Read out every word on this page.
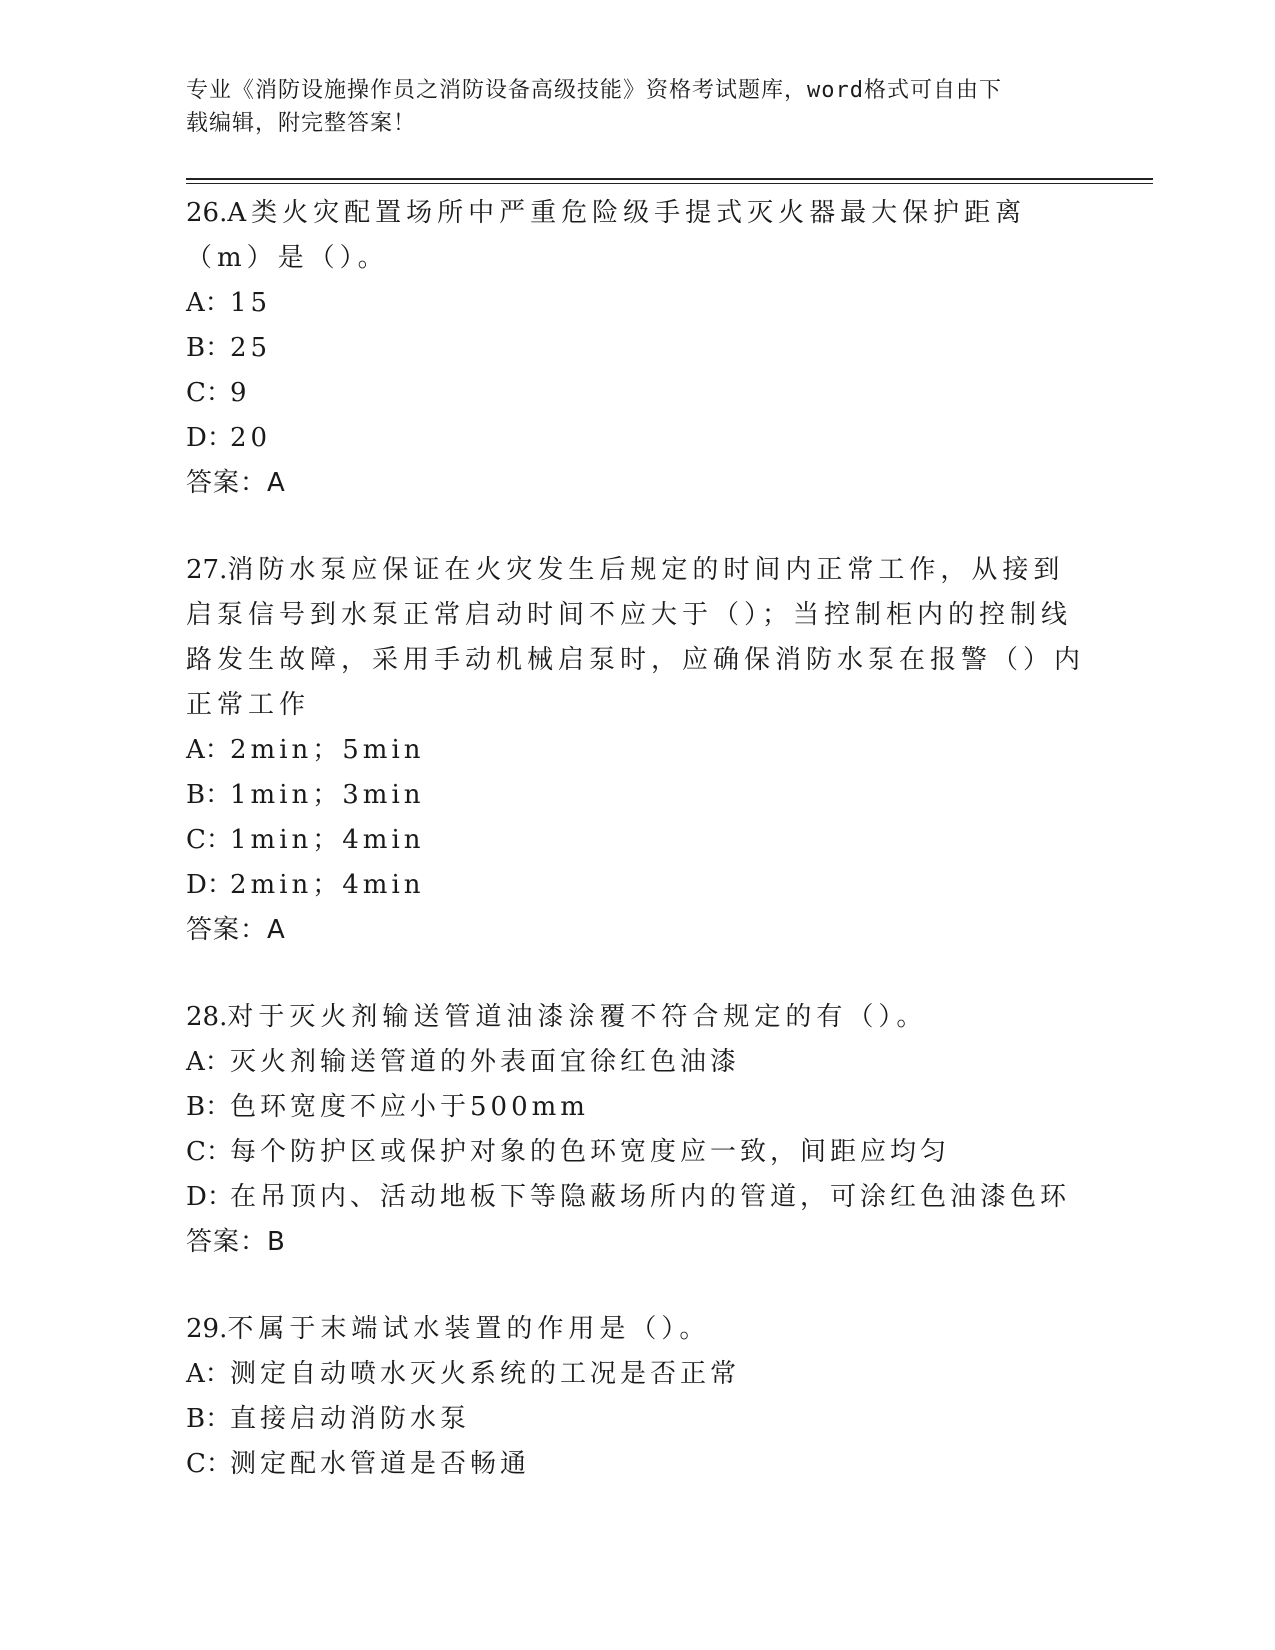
专业《消防设施操作员之消防设备高级技能》资格考试题库，word格式可自由下
载编辑，附完整答案！
26.A类火灾配置场所中严重危险级手提式灭火器最大保护距离（m）是（）。
A：15
B：25
C：9
D：20
答案：A
27.消防水泵应保证在火灾发生后规定的时间内正常工作，从接到启泵信号到水泵正常启动时间不应大于（）；当控制柜内的控制线路发生故障，采用手动机械启泵时，应确保消防水泵在报警（）内正常工作
A：2min；5min
B：1min；3min
C：1min；4min
D：2min；4min
答案：A
28.对于灭火剂输送管道油漆涂覆不符合规定的有（）。
A：灭火剂输送管道的外表面宜徐红色油漆
B：色环宽度不应小于500mm
C：每个防护区或保护对象的色环宽度应一致，间距应均匀
D：在吊顶内、活动地板下等隐蔽场所内的管道，可涂红色油漆色环
答案：B
29.不属于末端试水装置的作用是（）。
A：测定自动喷水灭火系统的工况是否正常
B：直接启动消防水泵
C：测定配水管道是否畅通
